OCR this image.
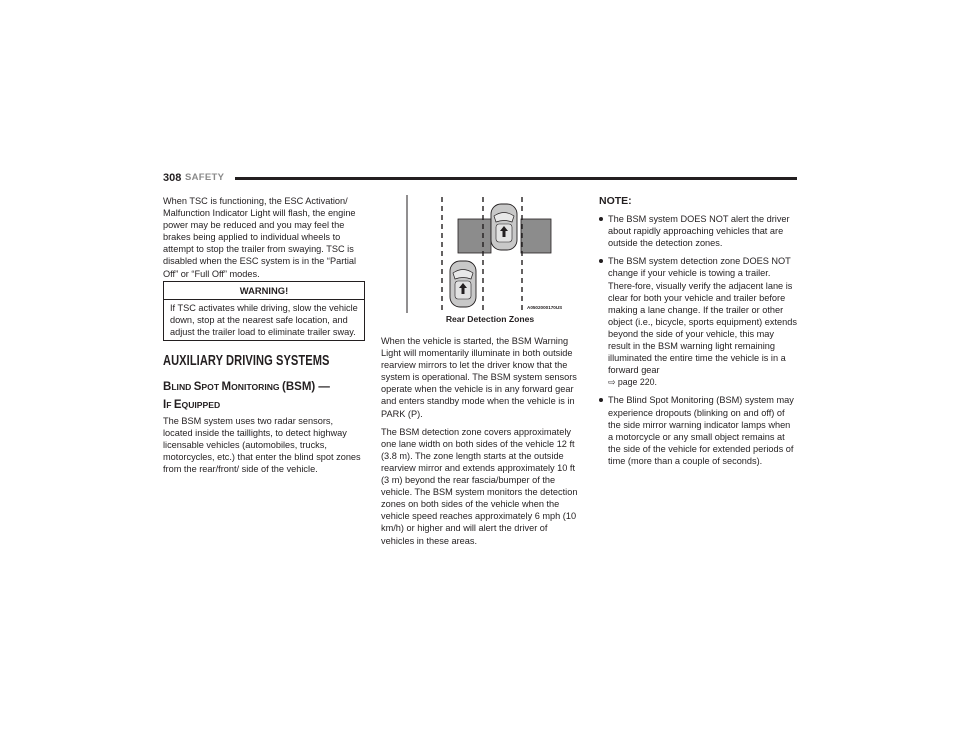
308 SAFETY

When TSC is functioning, the ESC Activation/ Malfunction Indicator Light will flash, the engine power may be reduced and you may feel the brakes being applied to individual wheels to attempt to stop the trailer from swaying. TSC is disabled when the ESC system is in the “Partial Off” or “Full Off” modes.

WARNING!
If TSC activates while driving, slow the vehicle down, stop at the nearest safe location, and adjust the trailer load to eliminate trailer sway.
AUXILIARY DRIVING SYSTEMS
BLIND SPOT MONITORING (BSM) —
IF EQUIPPED
The BSM system uses two radar sensors, located inside the taillights, to detect highway licensable vehicles (automobiles, trucks, motorcycles, etc.) that enter the blind spot zones from the rear/front/ side of the vehicle.
A0502000170US
Rear Detection Zones

When the vehicle is started, the BSM Warning Light will momentarily illuminate in both outside rearview mirrors to let the driver know that the system is operational. The BSM system sensors operate when the vehicle is in any forward gear and enters standby mode when the vehicle is in PARK (P).

The BSM detection zone covers approximately one lane width on both sides of the vehicle 12 ft (3.8 m). The zone length starts at the outside rearview mirror and extends approximately 10 ft (3 m) beyond the rear fascia/bumper of the vehicle. The BSM system monitors the detection zones on both sides of the vehicle when the vehicle speed reaches approximately 6 mph (10 km/h) or higher and will alert the driver of vehicles in these areas.

NOTE:
The BSM system DOES NOT alert the driver about rapidly approaching vehicles that are outside the detection zones.
The BSM system detection zone DOES NOT change if your vehicle is towing a trailer. There-fore, visually verify the adjacent lane is clear for both your vehicle and trailer before making a lane change. If the trailer or other object (i.e., bicycle, sports equipment) extends beyond the side of your vehicle, this may result in the BSM warning light remaining illuminated the entire time the vehicle is in a forward gear
⇨ page 220.
The Blind Spot Monitoring (BSM) system may experience dropouts (blinking on and off) of the side mirror warning indicator lamps when a motorcycle or any small object remains at the side of the vehicle for extended periods of time (more than a couple of seconds).
